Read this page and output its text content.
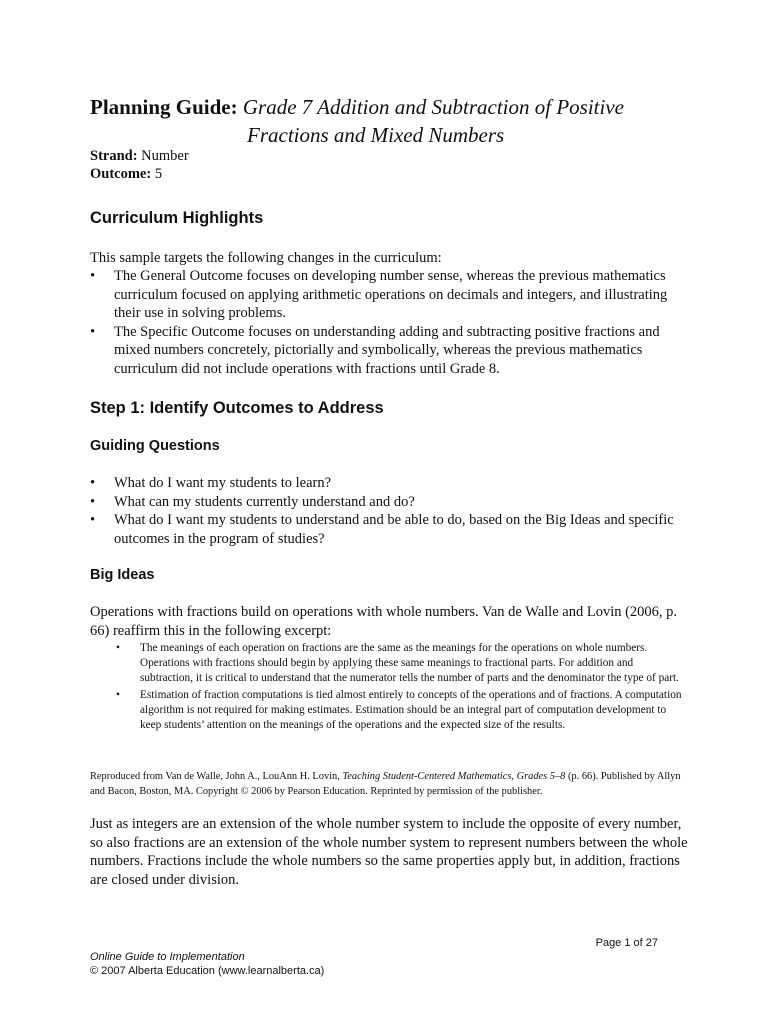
Planning Guide: Grade 7 Addition and Subtraction of Positive
Fractions and Mixed Numbers
Strand: Number
Outcome: 5
Curriculum Highlights
This sample targets the following changes in the curriculum:
• The General Outcome focuses on developing number sense, whereas the previous mathematics curriculum focused on applying arithmetic operations on decimals and integers, and illustrating their use in solving problems.
• The Specific Outcome focuses on understanding adding and subtracting positive fractions and mixed numbers concretely, pictorially and symbolically, whereas the previous mathematics curriculum did not include operations with fractions until Grade 8.
Step 1: Identify Outcomes to Address
Guiding Questions
• What do I want my students to learn?
• What can my students currently understand and do?
• What do I want my students to understand and be able to do, based on the Big Ideas and specific outcomes in the program of studies?
Big Ideas
Operations with fractions build on operations with whole numbers. Van de Walle and Lovin (2006, p. 66) reaffirm this in the following excerpt:
• The meanings of each operation on fractions are the same as the meanings for the operations on whole numbers. Operations with fractions should begin by applying these same meanings to fractional parts. For addition and subtraction, it is critical to understand that the numerator tells the number of parts and the denominator the type of part.
• Estimation of fraction computations is tied almost entirely to concepts of the operations and of fractions. A computation algorithm is not required for making estimates. Estimation should be an integral part of computation development to keep students’ attention on the meanings of the operations and the expected size of the results.
Reproduced from Van de Walle, John A., LouAnn H. Lovin, Teaching Student-Centered Mathematics, Grades 5–8 (p. 66). Published by Allyn and Bacon, Boston, MA. Copyright © 2006 by Pearson Education. Reprinted by permission of the publisher.
Just as integers are an extension of the whole number system to include the opposite of every number, so also fractions are an extension of the whole number system to represent numbers between the whole numbers. Fractions include the whole numbers so the same properties apply but, in addition, fractions are closed under division.
Page 1 of 27
Online Guide to Implementation
© 2007 Alberta Education (www.learnalberta.ca)
